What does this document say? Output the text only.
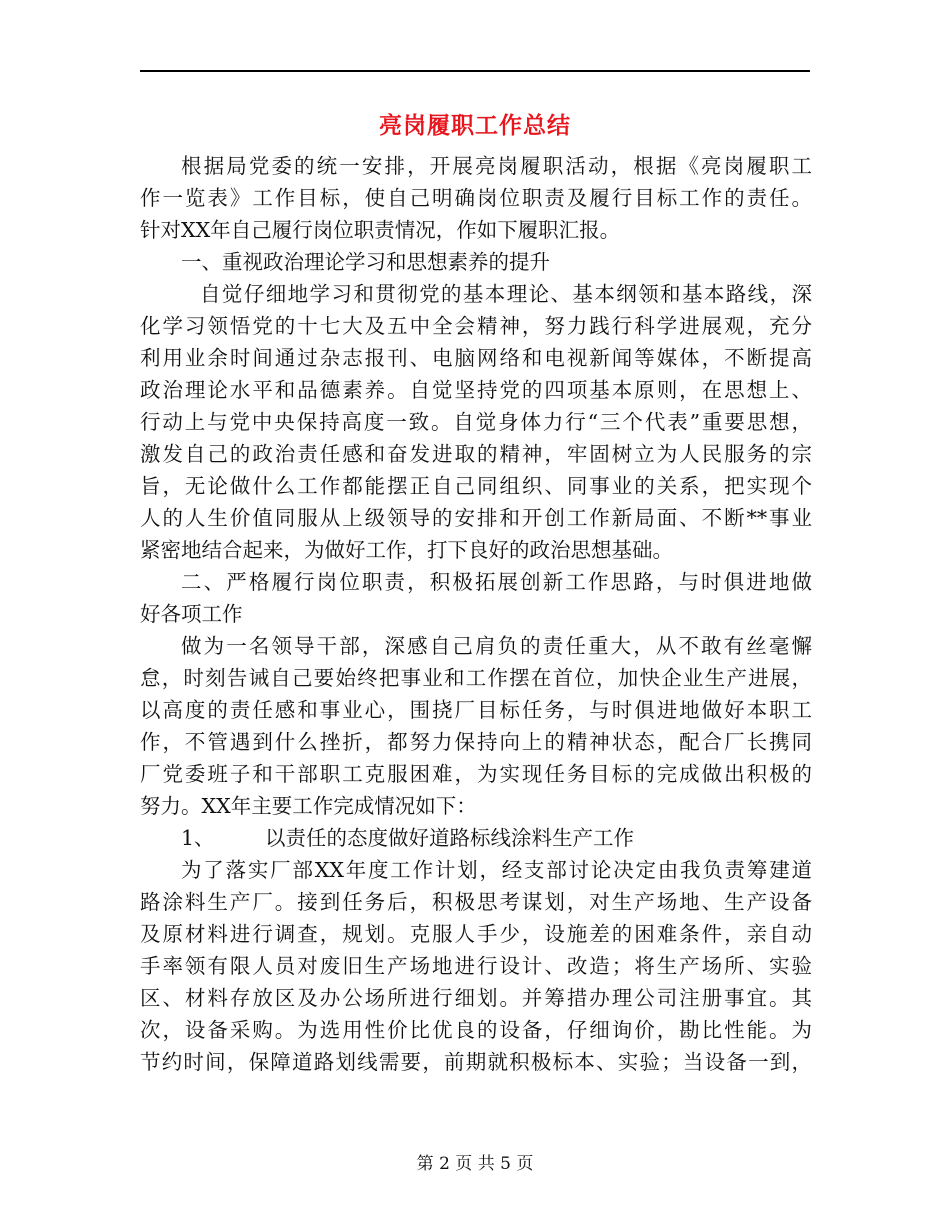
亮岗履职工作总结
根据局党委的统一安排，开展亮岗履职活动，根据《亮岗履职工
作一览表》工作目标，使自己明确岗位职责及履行目标工作的责任。
针对XX年自己履行岗位职责情况，作如下履职汇报。
一、重视政治理论学习和思想素养的提升
自觉仔细地学习和贯彻党的基本理论、基本纲领和基本路线，深
化学习领悟党的十七大及五中全会精神，努力践行科学进展观，充分
利用业余时间通过杂志报刊、电脑网络和电视新闻等媒体，不断提高
政治理论水平和品德素养。自觉坚持党的四项基本原则，在思想上、
行动上与党中央保持高度一致。自觉身体力行“三个代表”重要思想，
激发自己的政治责任感和奋发进取的精神，牢固树立为人民服务的宗
旨，无论做什么工作都能摆正自己同组织、同事业的关系，把实现个
人的人生价值同服从上级领导的安排和开创工作新局面、不断**事业
紧密地结合起来，为做好工作，打下良好的政治思想基础。
二、严格履行岗位职责，积极拓展创新工作思路，与时俱进地做
好各项工作
做为一名领导干部，深感自己肩负的责任重大，从不敢有丝毫懈
怠，时刻告诫自己要始终把事业和工作摆在首位，加快企业生产进展，
以高度的责任感和事业心，围挠厂目标任务，与时俱进地做好本职工
作，不管遇到什么挫折，都努力保持向上的精神状态，配合厂长携同
厂党委班子和干部职工克服困难，为实现任务目标的完成做出积极的
努力。XX年主要工作完成情况如下：
1、 以责任的态度做好道路标线涂料生产工作
为了落实厂部XX年度工作计划，经支部讨论决定由我负责筹建道
路涂料生产厂。接到任务后，积极思考谋划，对生产场地、生产设备
及原材料进行调查，规划。克服人手少，设施差的困难条件，亲自动
手率领有限人员对废旧生产场地进行设计、改造；将生产场所、实验
区、材料存放区及办公场所进行细划。并筹措办理公司注册事宜。其
次，设备采购。为选用性价比优良的设备，仔细询价，勘比性能。为
节约时间，保障道路划线需要，前期就积极标本、实验；当设备一到，
第 2 页 共 5 页
